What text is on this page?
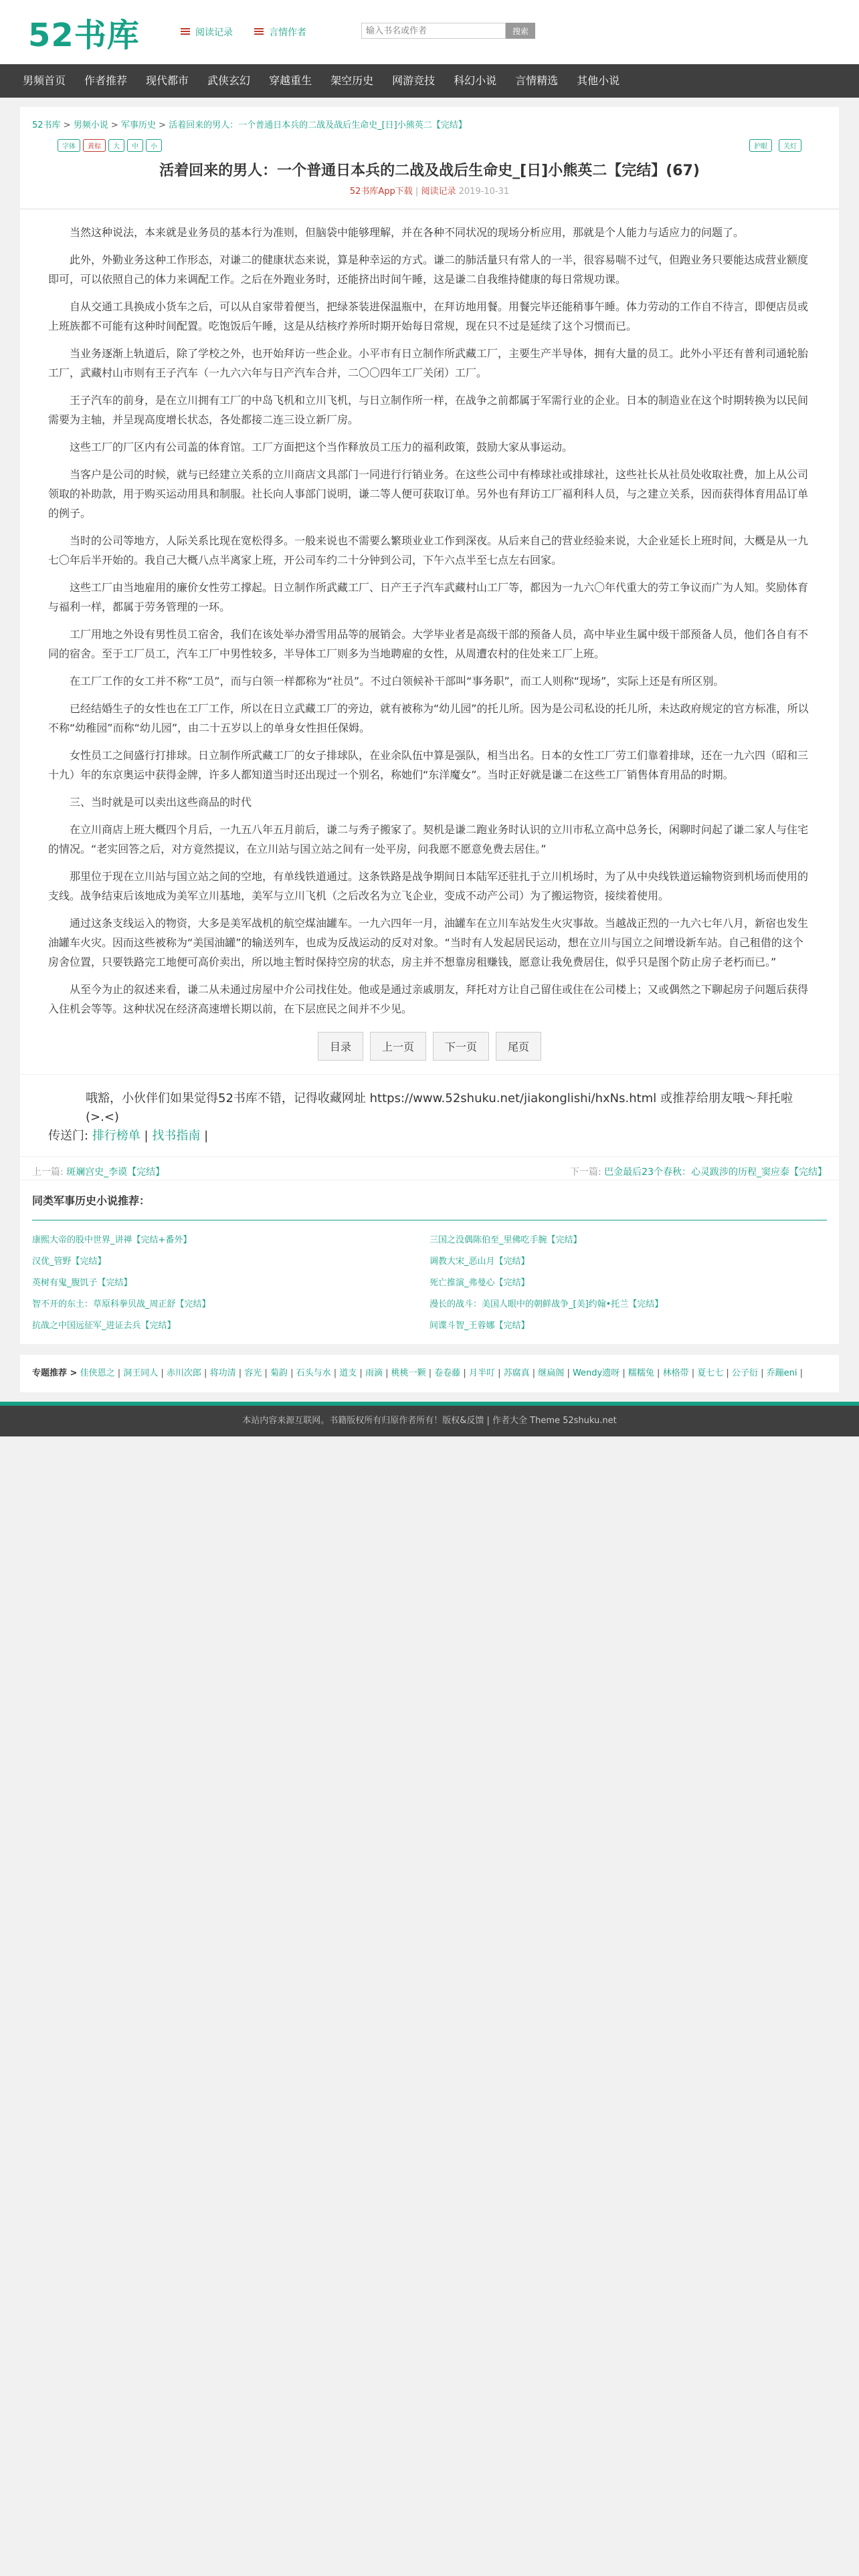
52书库	阅读记录	言情作者
输入书名或作者	搜索
男频首页 作者推荐 现代都市 武侠玄幻 穿越重生 架空历史 网游竞技 科幻小说 言情精选 其他小说
52书库 > 男频小说 > 军事历史 > 活着回来的男人：一个普通日本兵的二战及战后生命史_[日]小熊英二【完结】
字体 黄棕 大 中 小	护眼 关灯
活着回来的男人：一个普通日本兵的二战及战后生命史_[日]小熊英二【完结】(67)
52书库App下载 | 阅读记录 2019-10-31

当然这种说法，本来就是业务员的基本行为准则，但脑袋中能够理解，并在各种不同状况的现场分析应用，那就是个人能力与适应力的问题了。

此外，外勤业务这种工作形态，对谦二的健康状态来说，算是种幸运的方式。谦二的肺活量只有常人的一半，很容易喘不过气，但跑业务只要能达成营业额度即可，可以依照自己的体力来调配工作。之后在外跑业务时，还能挤出时间午睡，这是谦二自我维持健康的每日常规功课。

自从交通工具换成小货车之后，可以从自家带着便当，把绿茶装进保温瓶中，在拜访地用餐。用餐完毕还能稍事午睡。体力劳动的工作自不待言，即便店员或上班族都不可能有这种时间配置。吃饱饭后午睡，这是从结核疗养所时期开始每日常规，现在只不过是延续了这个习惯而已。

当业务逐渐上轨道后，除了学校之外，也开始拜访一些企业。小平市有日立制作所武藏工厂，主要生产半导体，拥有大量的员工。此外小平还有普利司通轮胎工厂，武藏村山市则有王子汽车（一九六六年与日产汽车合并，二〇〇四年工厂关闭）工厂。

王子汽车的前身，是在立川拥有工厂的中岛飞机和立川飞机，与日立制作所一样，在战争之前都属于军需行业的企业。日本的制造业在这个时期转换为以民间需要为主轴，并呈现高度增长状态，各处都接二连三设立新厂房。

这些工厂的厂区内有公司盖的体育馆。工厂方面把这个当作释放员工压力的福利政策，鼓励大家从事运动。

当客户是公司的时候，就与已经建立关系的立川商店文具部门一同进行行销业务。在这些公司中有棒球社或排球社，这些社长从社员处收取社费，加上从公司领取的补助款，用于购买运动用具和制服。社长向人事部门说明，谦二等人便可获取订单。另外也有拜访工厂福利科人员，与之建立关系，因而获得体育用品订单的例子。

当时的公司等地方，人际关系比现在宽松得多。一般来说也不需要么繁琐业业工作到深夜。从后来自己的营业经验来说，大企业延长上班时间，大概是从一九七〇年后半开始的。我自己大概八点半离家上班，开公司车约二十分钟到公司，下午六点半至七点左右回家。

这些工厂由当地雇用的廉价女性劳工撑起。日立制作所武藏工厂、日产王子汽车武藏村山工厂等，都因为一九六〇年代重大的劳工争议而广为人知。奖励体育与福利一样，都属于劳务管理的一环。

工厂用地之外设有男性员工宿舍，我们在该处举办滑雪用品等的展销会。大学毕业者是高级干部的预备人员，高中毕业生属中级干部预备人员，他们各自有不同的宿舍。至于工厂员工，汽车工厂中男性较多，半导体工厂则多为当地聘雇的女性，从周遭农村的住处来工厂上班。

在工厂工作的女工并不称“工员”，而与白领一样都称为“社员”。不过白领候补干部叫“事务职”，而工人则称“现场”，实际上还是有所区别。

已经结婚生子的女性也在工厂工作，所以在日立武藏工厂的旁边，就有被称为“幼儿园”的托儿所。因为是公司私设的托儿所，未达政府规定的官方标准，所以不称“幼稚园”而称“幼儿园”，由二十五岁以上的单身女性担任保姆。

女性员工之间盛行打排球。日立制作所武藏工厂的女子排球队，在业余队伍中算是强队，相当出名。日本的女性工厂劳工们靠着排球，还在一九六四（昭和三十九）年的东京奥运中获得金牌，许多人都知道当时还出现过一个别名，称她们“东洋魔女”。当时正好就是谦二在这些工厂销售体育用品的时期。

三、当时就是可以卖出这些商品的时代

在立川商店上班大概四个月后，一九五八年五月前后，谦二与秀子搬家了。契机是谦二跑业务时认识的立川市私立高中总务长，闲聊时问起了谦二家人与住宅的情况。“老实回答之后，对方竟然提议，在立川站与国立站之间有一处平房，问我愿不愿意免费去居住。”

那里位于现在立川站与国立站之间的空地，有单线铁道通过。这条铁路是战争期间日本陆军还驻扎于立川机场时，为了从中央线铁道运输物资到机场而使用的支线。战争结束后该地成为美军立川基地，美军与立川飞机（之后改名为立飞企业，变成不动产公司）为了搬运物资，接续着使用。

通过这条支线运入的物资，大多是美军战机的航空煤油罐车。一九六四年一月，油罐车在立川车站发生火灾事故。当越战正烈的一九六七年八月，新宿也发生油罐车火灾。因而这些被称为“美国油罐”的输送列车，也成为反战运动的反对对象。“当时有人发起居民运动，想在立川与国立之间增设新车站。自己租借的这个房舍位置，只要铁路完工地便可高价卖出，所以地主暂时保持空房的状态，房主并不想靠房租赚钱，愿意让我免费居住，似乎只是图个防止房子老朽而已。”

从至今为止的叙述来看，谦二从未通过房屋中介公司找住处。他或是通过亲戚朋友，拜托对方让自己留住或住在公司楼上；又或偶然之下聊起房子问题后获得入住机会等等。这种状况在经济高速增长期以前，在下层庶民之间并不少见。

目录	上一页	下一页	尾页
哦豁，小伙伴们如果觉得52书库不错，记得收藏网址 https://www.52shuku.net/jiakonglishi/hxNs.html 或推荐给朋友哦～拜托啦 (>.<)
传送门: 排行榜单 | 找书指南 |
上一篇: 斑斓宫史_李谟【完结】	下一篇: 巴金最后23个春秋：心灵跋涉的历程_窦应泰【完结】
同类军事历史小说推荐：
康熙大帝的股中世界_讲禅【完结+番外】	三国之没偶陈伯至_里佛吃手腕【完结】
汉优_管野【完结】	调教大宋_恶山月【完结】
英树有鬼_腹饥子【完结】	死亡推演_弗曼心【完结】
智不开的东土：草原科拳贝战_周正舒【完结】	漫长的战斗：美国人眼中的朝鲜战争_[美]约翰•托兰【完结】
抗战之中国远征军_进证去兵【完结】	间谍斗智_王蓉娜【完结】
专题推荐 > 佳侠恩之 | 洞王同人 | 赤川次郎 | 将功清 | 容光 | 菊韵 | 石头与水 | 道支 | 雨滴 | 桃桃一颗 | 卷卷藤 | 月半叮 | 苏腐真 | 继扁阁 | Wendy遗呀 | 糯糯兔 | 林格带 | 夏七七 | 公子衍 | 乔蹦eni |
本站内容来源互联网。书籍版权所有归原作者所有！版权&反馈 | 作者大全 Theme 52shuku.net
